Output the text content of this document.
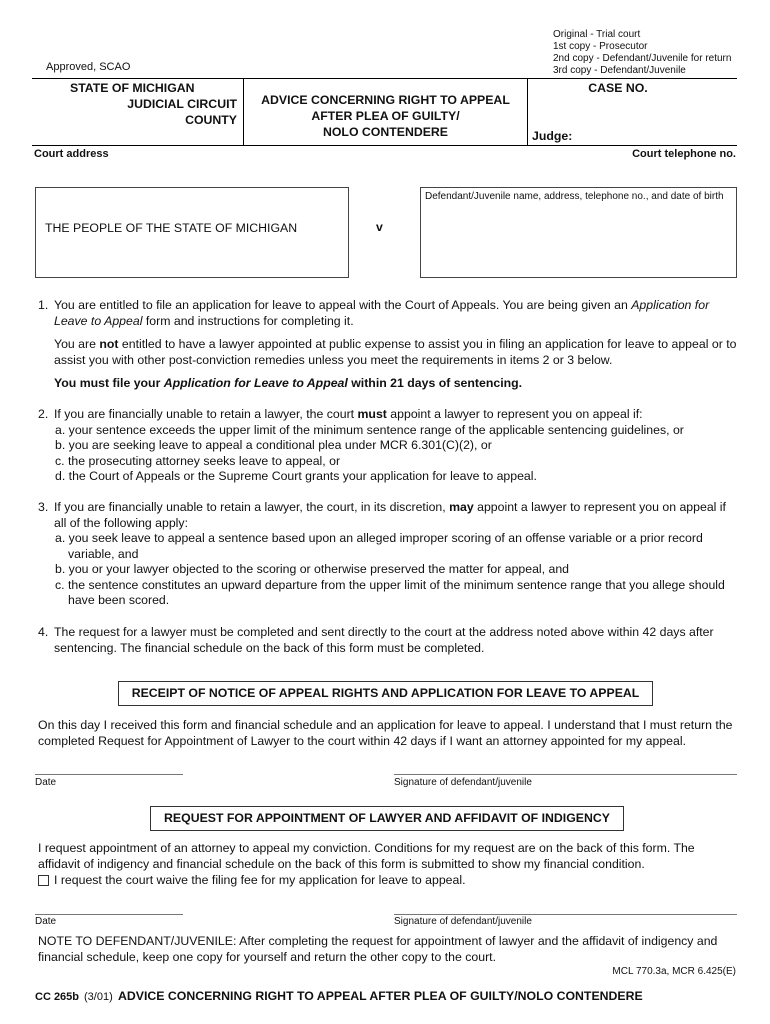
Original - Trial court
1st copy - Prosecutor
2nd copy - Defendant/Juvenile for return
3rd copy - Defendant/Juvenile
Approved, SCAO
STATE OF MICHIGAN
JUDICIAL CIRCUIT
COUNTY
ADVICE CONCERNING RIGHT TO APPEAL
AFTER PLEA OF GUILTY/
NOLO CONTENDERE
CASE NO.
Judge:
Court address	Court telephone no.
THE PEOPLE OF THE STATE OF MICHIGAN	v
Defendant/Juvenile name, address, telephone no., and date of birth
1. You are entitled to file an application for leave to appeal with the Court of Appeals. You are being given an Application for Leave to Appeal form and instructions for completing it.
You are not entitled to have a lawyer appointed at public expense to assist you in filing an application for leave to appeal or to assist you with other post-conviction remedies unless you meet the requirements in items 2 or 3 below.
You must file your Application for Leave to Appeal within 21 days of sentencing.
2. If you are financially unable to retain a lawyer, the court must appoint a lawyer to represent you on appeal if:
a. your sentence exceeds the upper limit of the minimum sentence range of the applicable sentencing guidelines, or
b. you are seeking leave to appeal a conditional plea under MCR 6.301(C)(2), or
c. the prosecuting attorney seeks leave to appeal, or
d. the Court of Appeals or the Supreme Court grants your application for leave to appeal.
3. If you are financially unable to retain a lawyer, the court, in its discretion, may appoint a lawyer to represent you on appeal if all of the following apply:
a. you seek leave to appeal a sentence based upon an alleged improper scoring of an offense variable or a prior record variable, and
b. you or your lawyer objected to the scoring or otherwise preserved the matter for appeal, and
c. the sentence constitutes an upward departure from the upper limit of the minimum sentence range that you allege should have been scored.
4. The request for a lawyer must be completed and sent directly to the court at the address noted above within 42 days after sentencing. The financial schedule on the back of this form must be completed.
RECEIPT OF NOTICE OF APPEAL RIGHTS AND APPLICATION FOR LEAVE TO APPEAL
On this day I received this form and financial schedule and an application for leave to appeal. I understand that I must return the completed Request for Appointment of Lawyer to the court within 42 days if I want an attorney appointed for my appeal.
Date	Signature of defendant/juvenile
REQUEST FOR APPOINTMENT OF LAWYER AND AFFIDAVIT OF INDIGENCY
I request appointment of an attorney to appeal my conviction. Conditions for my request are on the back of this form. The affidavit of indigency and financial schedule on the back of this form is submitted to show my financial condition.
I request the court waive the filing fee for my application for leave to appeal.
Date	Signature of defendant/juvenile
NOTE TO DEFENDANT/JUVENILE: After completing the request for appointment of lawyer and the affidavit of indigency and financial schedule, keep one copy for yourself and return the other copy to the court.
MCL 770.3a, MCR 6.425(E)
CC 265b (3/01) ADVICE CONCERNING RIGHT TO APPEAL AFTER PLEA OF GUILTY/NOLO CONTENDERE
